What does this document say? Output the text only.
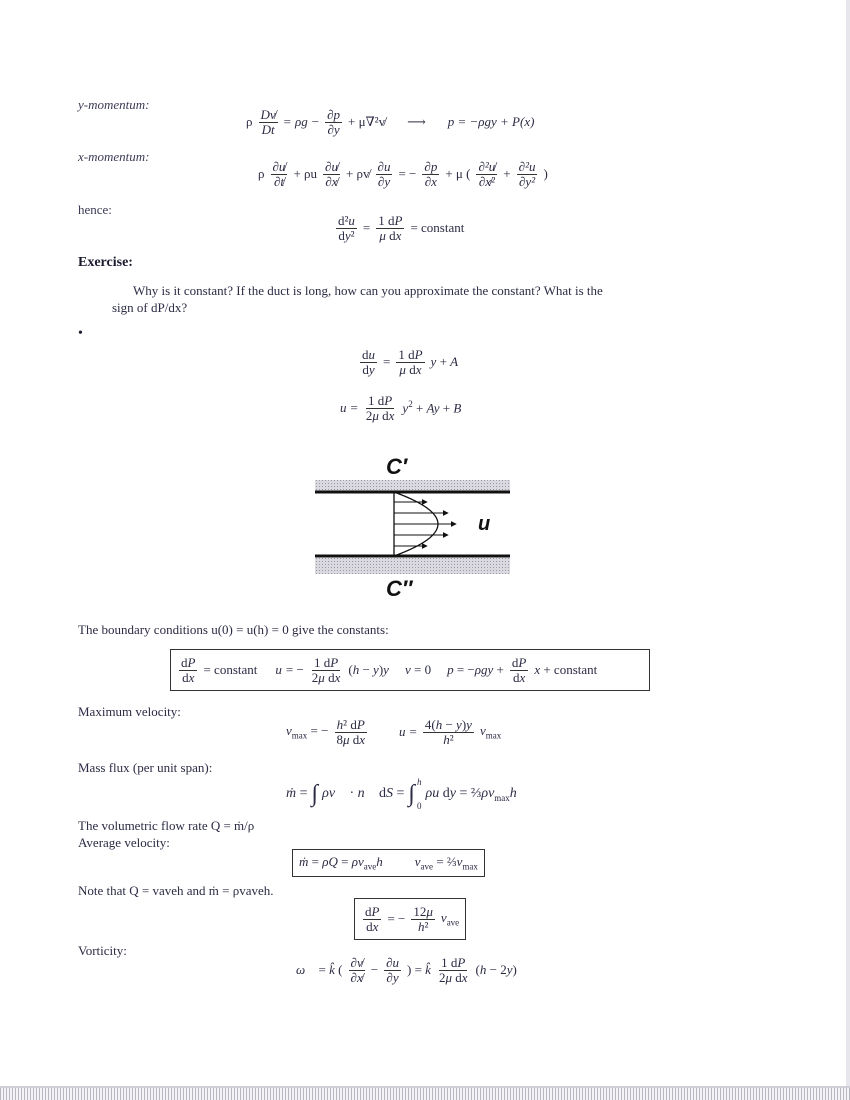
y-momentum:
ρ $\frac{Dv̸}{Dt} = \rho g - \frac{\partial p}{\partial y}$ + μ∇²v̸ ⟶ p = −ρgy + P(x)
x-momentum:
ρ $\frac{\partial u̸}{\partial t̸} + \rho u \frac{\partial u̸}{\partial x̸}$ + ρv̸ $\frac{\partial u}{\partial y}$ = − $\frac{\partial p}{\partial x} + \mu$ ( $\frac{\text{∂²u̸}}{\text{∂x̸²}} + \frac{\text{∂²u}}{\text{∂y²}}$ )
hence:
$\frac{\text{d²u}}{\text{dy²}} = \frac{1 dP}{\text{μ dx}}$ = constant
Exercise:
Why is it constant? If the duct is long, how can you approximate the constant? What is the
sign of dP/dx?
•
$\frac{du}{dy} = \frac{1 dP}{\text{μ dx}}$ y + A
$u = \frac{1 dP}{\text{2μ dx}} y^2 + Ay + B$
C′
u
C″
The boundary conditions u(0) = u(h) = 0 give the constants:
$\frac{dP}{dx}$ = constant u = − $\frac{1 dP}{\text{2μ dx}} (h - y)y$ v = 0 $p = -\rho gy + \frac{dP}{dx}$ x + constant
Maximum velocity:
$v_{max}$ = − $\frac{\text{h² dP}}{\text{8μ dx}}$ $u = \frac{4(h - y)y}{\text{h²}} v_{max}$
Mass flux (per unit span):
ṁ = ∫ ρv⃗ · n⃗ dS = ∫ h
0
ρu dy = $\frac{2}{3}\rho v_{max}h$
The volumetric flow rate Q = ṁ/ρ
Average velocity:
ṁ = $\rho Q = \rho v_{ave}h$ $v_{ave}$ = $\frac{2}{3}v_{max}$
Note that Q = vaveh and ṁ = ρvaveh.
$\frac{dP}{dx}$ = − $\frac{12\mu}{\text{h²}} v_{ave}$
Vorticity:
ω⃗ = k̂ ( $\frac{\partial v̸}{\partial x̸} - \frac{\partial u}{\partial y}$ ) = k̂ $\frac{1 dP}{\text{2μ dx}} (h - 2y)$
